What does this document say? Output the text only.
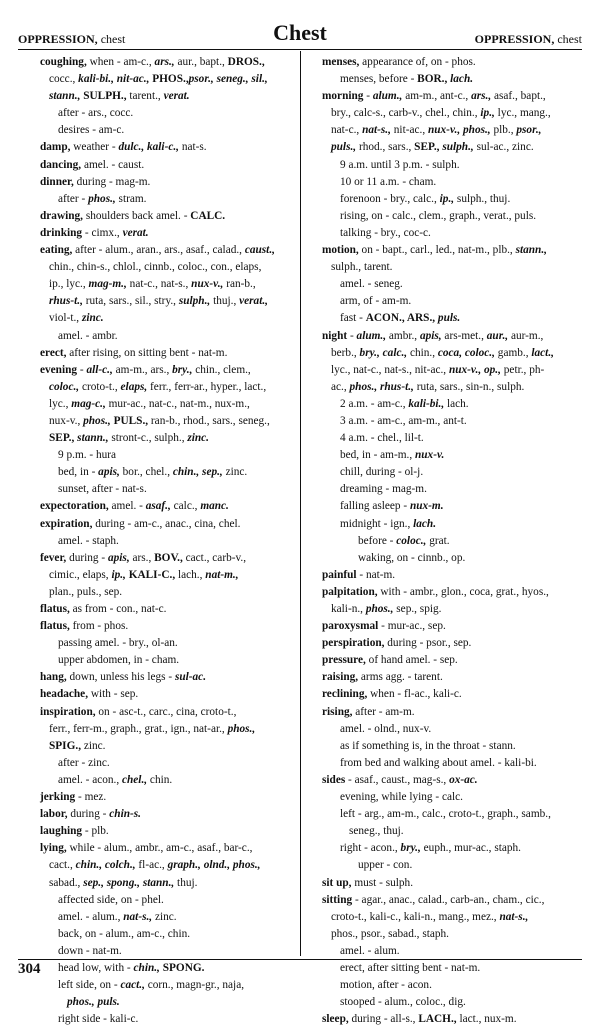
OPPRESSION, chest	Chest	OPPRESSION, chest
coughing, when - am-c., ars., aur., bapt., DROS.,
cocc., kali-bi., nit-ac., PHOS.,psor., seneg., sil.,
stann., SULPH., tarent., verat.
after - ars., cocc.
desires - am-c.
damp, weather - dulc., kali-c., nat-s.
dancing, amel. - caust.
dinner, during - mag-m.
after - phos., stram.
drawing, shoulders back amel. - CALC.
drinking - cimx., verat.
eating, after - alum., aran., ars., asaf., calad., caust.,
chin., chin-s., chlol., cinnb., coloc., con., elaps,
ip., lyc., mag-m., nat-c., nat-s., nux-v., ran-b.,
rhus-t., ruta, sars., sil., stry., sulph., thuj., verat.,
viol-t., zinc.
amel. - ambr.
erect, after rising, on sitting bent - nat-m.
evening - all-c., am-m., ars., bry., chin., clem.,
coloc., croto-t., elaps, ferr., ferr-ar., hyper., lact.,
lyc., mag-c., mur-ac., nat-c., nat-m., nux-m.,
nux-v., phos., PULS., ran-b., rhod., sars., seneg.,
SEP., stann., stront-c., sulph., zinc.
9 p.m. - hura
bed, in - apis, bor., chel., chin., sep., zinc.
sunset, after - nat-s.
expectoration, amel. - asaf., calc., manc.
expiration, during - am-c., anac., cina, chel.
amel. - staph.
fever, during - apis, ars., BOV., cact., carb-v.,
cimic., elaps, ip., KALI-C., lach., nat-m.,
plan., puls., sep.
flatus, as from - con., nat-c.
flatus, from - phos.
passing amel. - bry., ol-an.
upper abdomen, in - cham.
hang, down, unless his legs - sul-ac.
headache, with - sep.
inspiration, on - asc-t., carc., cina, croto-t.,
ferr., ferr-m., graph., grat., ign., nat-ar., phos.,
SPIG., zinc.
after - zinc.
amel. - acon., chel., chin.
jerking - mez.
labor, during - chin-s.
laughing - plb.
lying, while - alum., ambr., am-c., asaf., bar-c.,
cact., chin., colch., fl-ac., graph., olnd., phos.,
sabad., sep., spong., stann., thuj.
affected side, on - phel.
amel. - alum., nat-s., zinc.
back, on - alum., am-c., chin.
down - nat-m.
head low, with - chin., SPONG.
left side, on - cact., corn., magn-gr., naja,
phos., puls.
right side - kali-c.
menses, appearance of, on - phos.
menses, before - BOR., lach.
morning - alum., am-m., ant-c., ars., asaf., bapt.,
bry., calc-s., carb-v., chel., chin., ip., lyc., mang.,
nat-c., nat-s., nit-ac., nux-v., phos., plb., psor.,
puls., rhod., sars., SEP., sulph., sul-ac., zinc.
9 a.m. until 3 p.m. - sulph.
10 or 11 a.m. - cham.
forenoon - bry., calc., ip., sulph., thuj.
rising, on - calc., clem., graph., verat., puls.
talking - bry., coc-c.
motion, on - bapt., carl., led., nat-m., plb., stann.,
sulph., tarent.
amel. - seneg.
arm, of - am-m.
fast - ACON., ARS., puls.
night - alum., ambr., apis, ars-met., aur., aur-m.,
berb., bry., calc., chin., coca, coloc., gamb., lact.,
lyc., nat-c., nat-s., nit-ac., nux-v., op., petr., ph-
ac., phos., rhus-t., ruta, sars., sin-n., sulph.
2 a.m. - am-c., kali-bi., lach.
3 a.m. - am-c., am-m., ant-t.
4 a.m. - chel., lil-t.
bed, in - am-m., nux-v.
chill, during - ol-j.
dreaming - mag-m.
falling asleep - nux-m.
midnight - ign., lach.
before - coloc., grat.
waking, on - cinnb., op.
painful - nat-m.
palpitation, with - ambr., glon., coca, grat., hyos.,
kali-n., phos., sep., spig.
paroxysmal - mur-ac., sep.
perspiration, during - psor., sep.
pressure, of hand amel. - sep.
raising, arms agg. - tarent.
reclining, when - fl-ac., kali-c.
rising, after - am-m.
amel. - olnd., nux-v.
as if something is, in the throat - stann.
from bed and walking about amel. - kali-bi.
sides - asaf., caust., mag-s., ox-ac.
evening, while lying - calc.
left - arg., am-m., calc., croto-t., graph., samb.,
seneg., thuj.
right - acon., bry., euph., mur-ac., staph.
upper - con.
sit up, must - sulph.
sitting - agar., anac., calad., carb-an., cham., cic.,
croto-t., kali-c., kali-n., mang., mez., nat-s.,
phos., psor., sabad., staph.
amel. - alum.
erect, after sitting bent - nat-m.
motion, after - acon.
stooped - alum., coloc., dig.
sleep, during - all-s., LACH., lact., nux-m.
304
